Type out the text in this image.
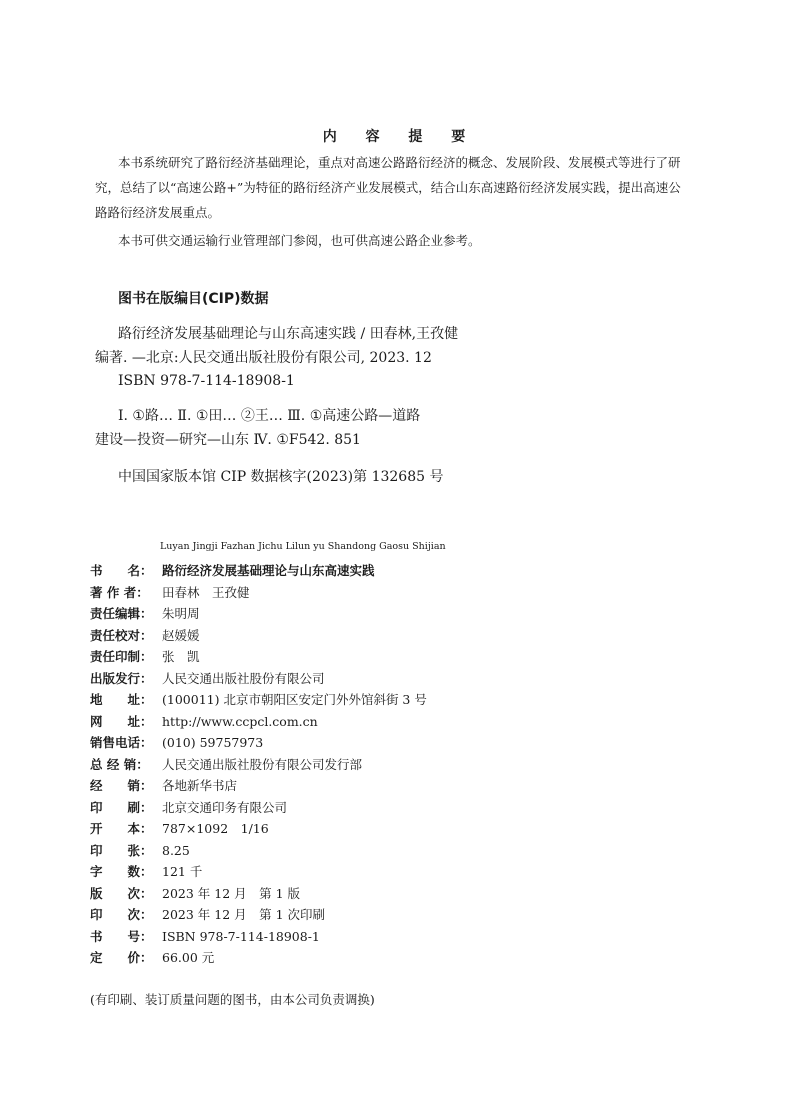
内 容 提 要
本书系统研究了路衍经济基础理论，重点对高速公路路衍经济的概念、发展阶段、发展模式等进行了研
究，总结了以“高速公路+”为特征的路衍经济产业发展模式，结合山东高速路衍经济发展实践，提出高速公
路路衍经济发展重点。
本书可供交通运输行业管理部门参阅，也可供高速公路企业参考。
图书在版编目(CIP)数据
路衍经济发展基础理论与山东高速实践 / 田春林,王孜健
编著. —北京:人民交通出版社股份有限公司, 2023. 12
ISBN 978-7-114-18908-1
Ⅰ. ①路… Ⅱ. ①田… ②王… Ⅲ. ①高速公路—道路
建设—投资—研究—山东 Ⅳ. ①F542. 851
中国国家版本馆 CIP 数据核字(2023)第 132685 号
Luyan Jingji Fazhan Jichu Lilun yu Shandong Gaosu Shijian
书　　名： 路衍经济发展基础理论与山东高速实践
著 作 者： 田春林　王孜健
责任编辑： 朱明周
责任校对： 赵媛媛
责任印制： 张　凯
出版发行： 人民交通出版社股份有限公司
地　　址： (100011) 北京市朝阳区安定门外外馆斜街 3 号
网　　址： http://www.ccpcl.com.cn
销售电话： (010) 59757973
总 经 销： 人民交通出版社股份有限公司发行部
经　　销： 各地新华书店
印　　刷： 北京交通印务有限公司
开　　本： 787×1092　1/16
印　　张： 8.25
字　　数： 121 千
版　　次： 2023 年 12 月　第 1 版
印　　次： 2023 年 12 月　第 1 次印刷
书　　号： ISBN 978-7-114-18908-1
定　　价： 66.00 元
(有印刷、装订质量问题的图书，由本公司负责调换)
